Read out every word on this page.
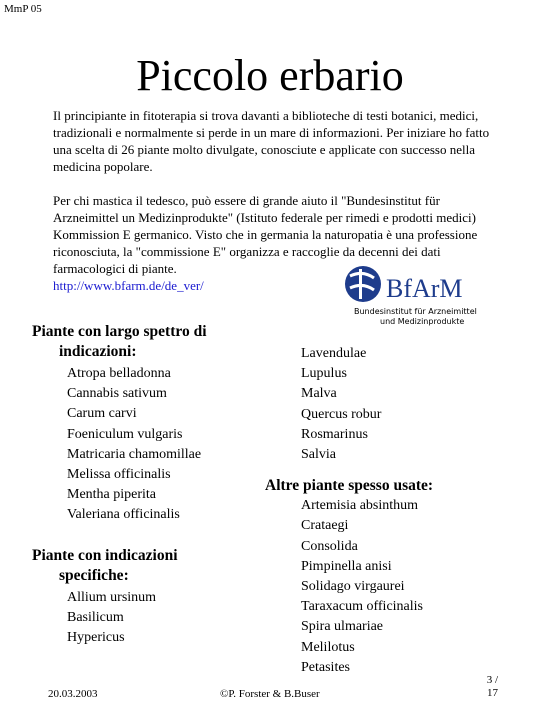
MmP 05
Piccolo erbario

Il principiante in fitoterapia si trova davanti a biblioteche di testi botanici, medici, tradizionali e normalmente si perde in un mare di informazioni. Per iniziare ho fatto una scelta di 26 piante molto divulgate, conosciute e applicate con successo nella medicina popolare.

Per chi mastica il tedesco, può essere di grande aiuto il "Bundesinstitut für Arzneimittel un Medizinprodukte" (Istituto federale per rimedi e prodotti medici) Kommission E germanico. Visto che in germania la naturopatia è una professione riconosciuta, la "commissione E" organizza e raccoglie da decenni dei dati farmacologici di piante.

http://www.bfarm.de/de_ver/	BfArM
Bundesinstitut für Arzneimittel
und Medizinprodukte
Piante con largo spettro di
indicazioni:
Atropa belladonna
Cannabis sativum
Carum carvi
Foeniculum vulgaris
Matricaria chamomillae
Melissa officinalis
Mentha piperita
Valeriana officinalis
Piante con indicazioni
specifiche:
Allium ursinum
Basilicum
Hypericus
Lavendulae
Lupulus
Malva
Quercus robur
Rosmarinus
Salvia
Altre piante spesso usate:
Artemisia absinthum
Crataegi
Consolida
Pimpinella anisi
Solidago virgaurei
Taraxacum officinalis
Spira ulmariae
Melilotus
Petasites
20.03.2003	©P. Forster & B.Buser
3 /
17
